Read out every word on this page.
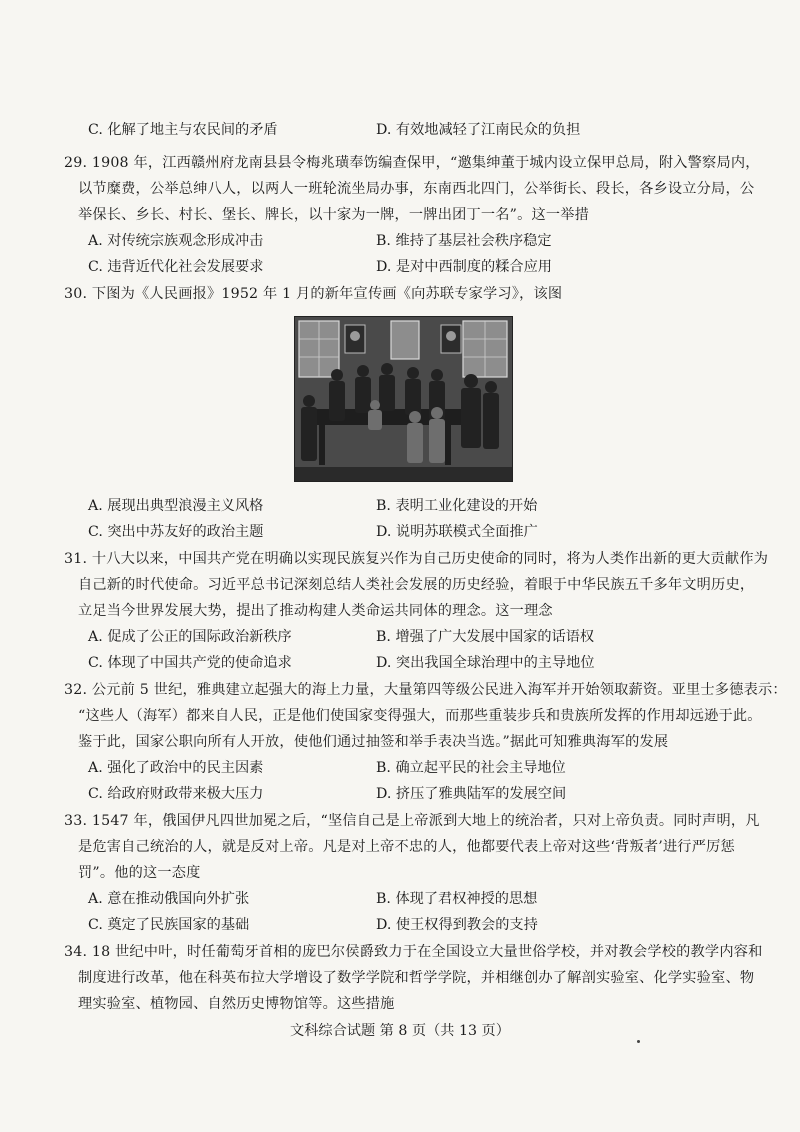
C. 化解了地主与农民间的矛盾	D. 有效地减轻了江南民众的负担
29. 1908 年，江西赣州府龙南县县令梅兆璜奉饬编查保甲，“邀集绅董于城内设立保甲总局，附入警察局内，
以节糜费，公举总绅八人，以两人一班轮流坐局办事，东南西北四门，公举街长、段长，各乡设立分局，公
举保长、乡长、村长、堡长、牌长，以十家为一牌，一牌出团丁一名”。这一举措
A. 对传统宗族观念形成冲击	B. 维持了基层社会秩序稳定
C. 违背近代化社会发展要求	D. 是对中西制度的糅合应用
30. 下图为《人民画报》1952 年 1 月的新年宣传画《向苏联专家学习》，该图
A. 展现出典型浪漫主义风格	B. 表明工业化建设的开始
C. 突出中苏友好的政治主题	D. 说明苏联模式全面推广
31. 十八大以来，中国共产党在明确以实现民族复兴作为自己历史使命的同时，将为人类作出新的更大贡献作为
自己新的时代使命。习近平总书记深刻总结人类社会发展的历史经验，着眼于中华民族五千多年文明历史，
立足当今世界发展大势，提出了推动构建人类命运共同体的理念。这一理念
A. 促成了公正的国际政治新秩序	B. 增强了广大发展中国家的话语权
C. 体现了中国共产党的使命追求	D. 突出我国全球治理中的主导地位
32. 公元前 5 世纪，雅典建立起强大的海上力量，大量第四等级公民进入海军并开始领取薪资。亚里士多德表示：
“这些人（海军）都来自人民，正是他们使国家变得强大，而那些重装步兵和贵族所发挥的作用却远逊于此。
鉴于此，国家公职向所有人开放，使他们通过抽签和举手表决当选。”据此可知雅典海军的发展
A. 强化了政治中的民主因素	B. 确立起平民的社会主导地位
C. 给政府财政带来极大压力	D. 挤压了雅典陆军的发展空间
33. 1547 年，俄国伊凡四世加冕之后，“坚信自己是上帝派到大地上的统治者，只对上帝负责。同时声明，凡
是危害自己统治的人，就是反对上帝。凡是对上帝不忠的人，他都要代表上帝对这些‘背叛者’进行严厉惩
罚”。他的这一态度
A. 意在推动俄国向外扩张	B. 体现了君权神授的思想
C. 奠定了民族国家的基础	D. 使王权得到教会的支持
34. 18 世纪中叶，时任葡萄牙首相的庞巴尔侯爵致力于在全国设立大量世俗学校，并对教会学校的教学内容和
制度进行改革，他在科英布拉大学增设了数学学院和哲学学院，并相继创办了解剖实验室、化学实验室、物
理实验室、植物园、自然历史博物馆等。这些措施
文科综合试题 第 8 页（共 13 页）
